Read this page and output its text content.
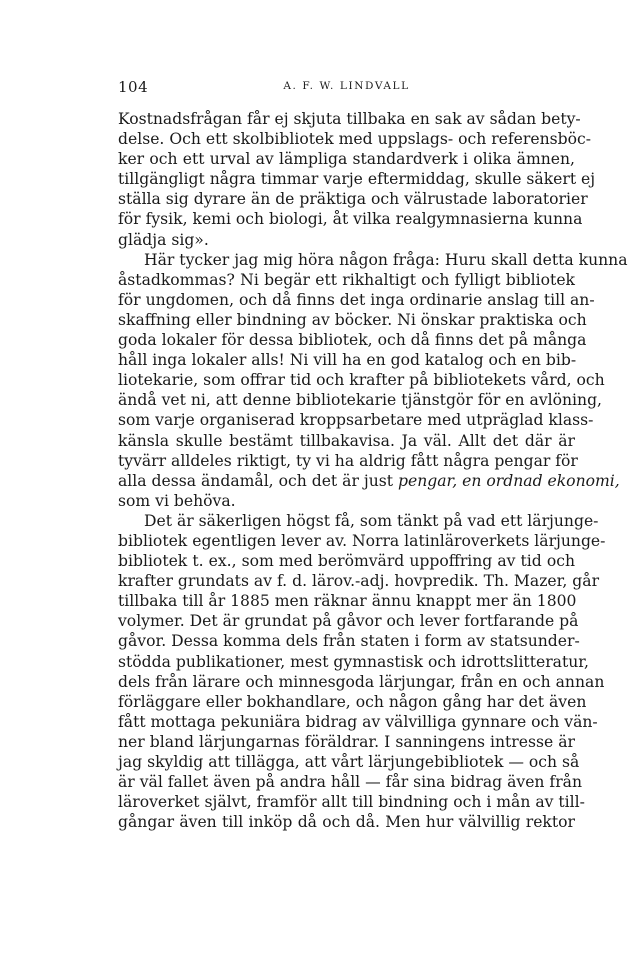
104	A. F. W. LINDVALL
Kostnadsfrågan får ej skjuta tillbaka en sak av sådan bety-
delse. Och ett skolbibliotek med uppslags- och referensböc-
ker och ett urval av lämpliga standardverk i olika ämnen,
tillgängligt några timmar varje eftermiddag, skulle säkert ej
ställa sig dyrare än de präktiga och välrustade laboratorier
för fysik, kemi och biologi, åt vilka realgymnasierna kunna
glädja sig».
Här tycker jag mig höra någon fråga: Huru skall detta kunna
åstadkommas? Ni begär ett rikhaltigt och fylligt bibliotek
för ungdomen, och då finns det inga ordinarie anslag till an-
skaffning eller bindning av böcker. Ni önskar praktiska och
goda lokaler för dessa bibliotek, och då finns det på många
håll inga lokaler alls! Ni vill ha en god katalog och en bib-
liotekarie, som offrar tid och krafter på bibliotekets vård, och
ändå vet ni, att denne bibliotekarie tjänstgör för en avlöning,
som varje organiserad kroppsarbetare med utpräglad klass-
känsla skulle bestämt tillbakavisa. Ja väl. Allt det där är
tyvärr alldeles riktigt, ty vi ha aldrig fått några pengar för
alla dessa ändamål, och det är just pengar, en ordnad ekonomi,
som vi behöva.
Det är säkerligen högst få, som tänkt på vad ett lärjunge-
bibliotek egentligen lever av. Norra latinläroverkets lärjunge-
bibliotek t. ex., som med berömvärd uppoffring av tid och
krafter grundats av f. d. lärov.-adj. hovpredik. Th. Mazer, går
tillbaka till år 1885 men räknar ännu knappt mer än 1800
volymer. Det är grundat på gåvor och lever fortfarande på
gåvor. Dessa komma dels från staten i form av statsunder-
stödda publikationer, mest gymnastisk och idrottslitteratur,
dels från lärare och minnesgoda lärjungar, från en och annan
förläggare eller bokhandlare, och någon gång har det även
fått mottaga pekuniära bidrag av välvilliga gynnare och vän-
ner bland lärjungarnas föräldrar. I sanningens intresse är
jag skyldig att tillägga, att vårt lärjungebibliotek — och så
är väl fallet även på andra håll — får sina bidrag även från
läroverket självt, framför allt till bindning och i mån av till-
gångar även till inköp då och då. Men hur välvillig rektor
